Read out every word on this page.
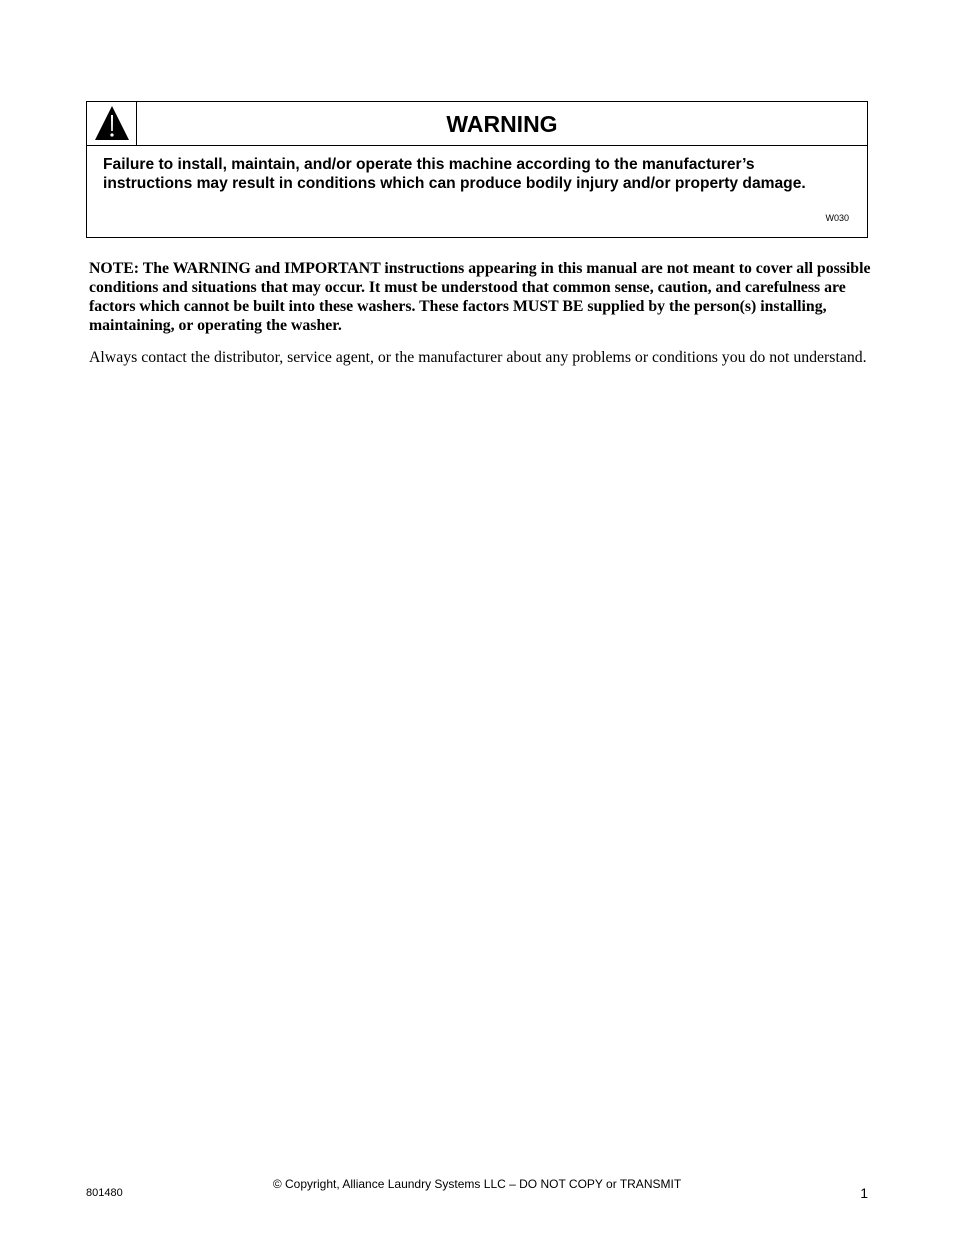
WARNING
Failure to install, maintain, and/or operate this machine according to the manufacturer’s instructions may result in conditions which can produce bodily injury and/or property damage.
W030
NOTE: The WARNING and IMPORTANT instructions appearing in this manual are not meant to cover all possible conditions and situations that may occur. It must be understood that common sense, caution, and carefulness are factors which cannot be built into these washers. These factors MUST BE supplied by the person(s) installing, maintaining, or operating the washer.
Always contact the distributor, service agent, or the manufacturer about any problems or conditions you do not understand.
© Copyright, Alliance Laundry Systems LLC – DO NOT COPY or TRANSMIT
801480	1
